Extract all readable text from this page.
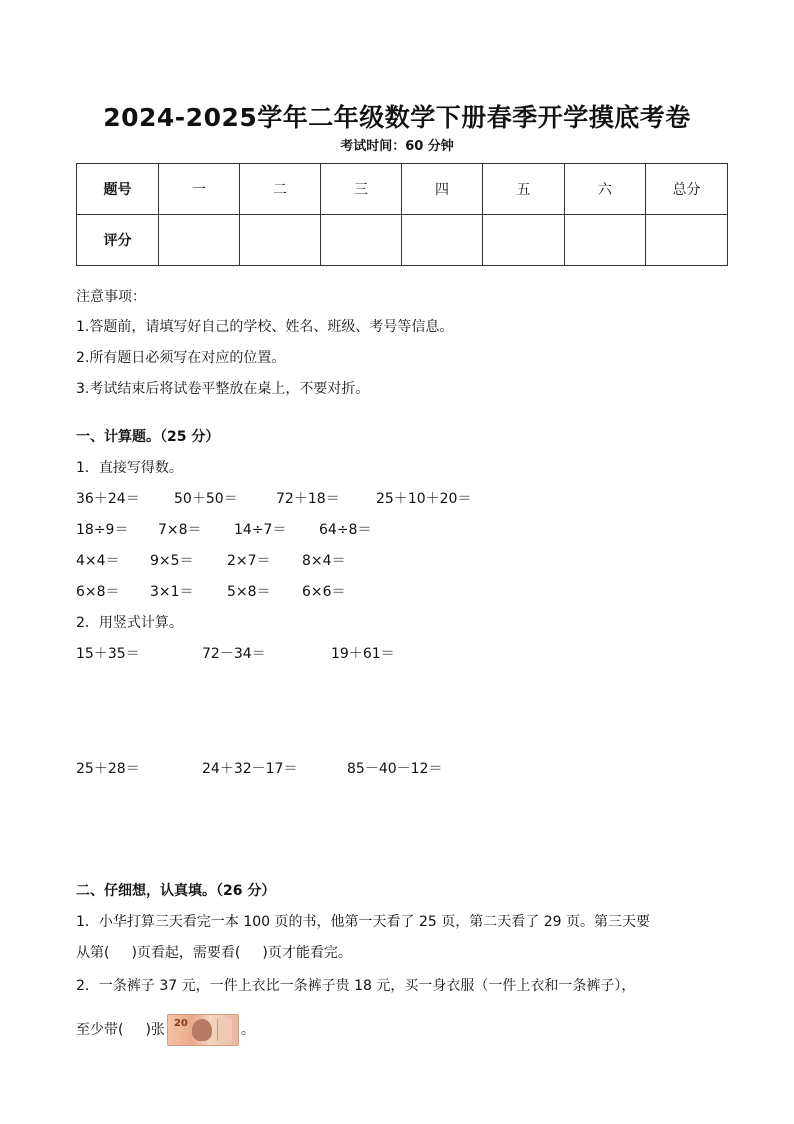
2024-2025学年二年级数学下册春季开学摸底考卷
考试时间：60 分钟
题号	一	二	三	四	五	六	总分
评分							
注意事项：
1.答题前，请填写好自己的学校、姓名、班级、考号等信息。
2.所有题日必须写在对应的位置。
3.考试结束后将试卷平整放在桌上，不要对折。
一、计算题。（25 分）
1．直接写得数。
36＋24＝ 50＋50＝	72＋18＝	25＋10＋20＝
18÷9＝ 7×8＝ 14÷7＝ 64÷8＝
4×4＝ 9×5＝ 2×7＝ 8×4＝
6×8＝ 3×1＝ 5×8＝ 6×6＝
2．用竖式计算。
15＋35＝	72－34＝	19＋61＝
25＋28＝	24＋32－17＝	85－40－12＝
二、仔细想，认真填。（26 分）
1．小华打算三天看完一本 100 页的书，他第一天看了 25 页，第二天看了 29 页。第三天要
从第( )页看起，需要看( )页才能看完。
2．一条裤子 37 元，一件上衣比一条裤子贵 18 元，买一身衣服（一件上衣和一条裤子），
至少带( )张 20	。
